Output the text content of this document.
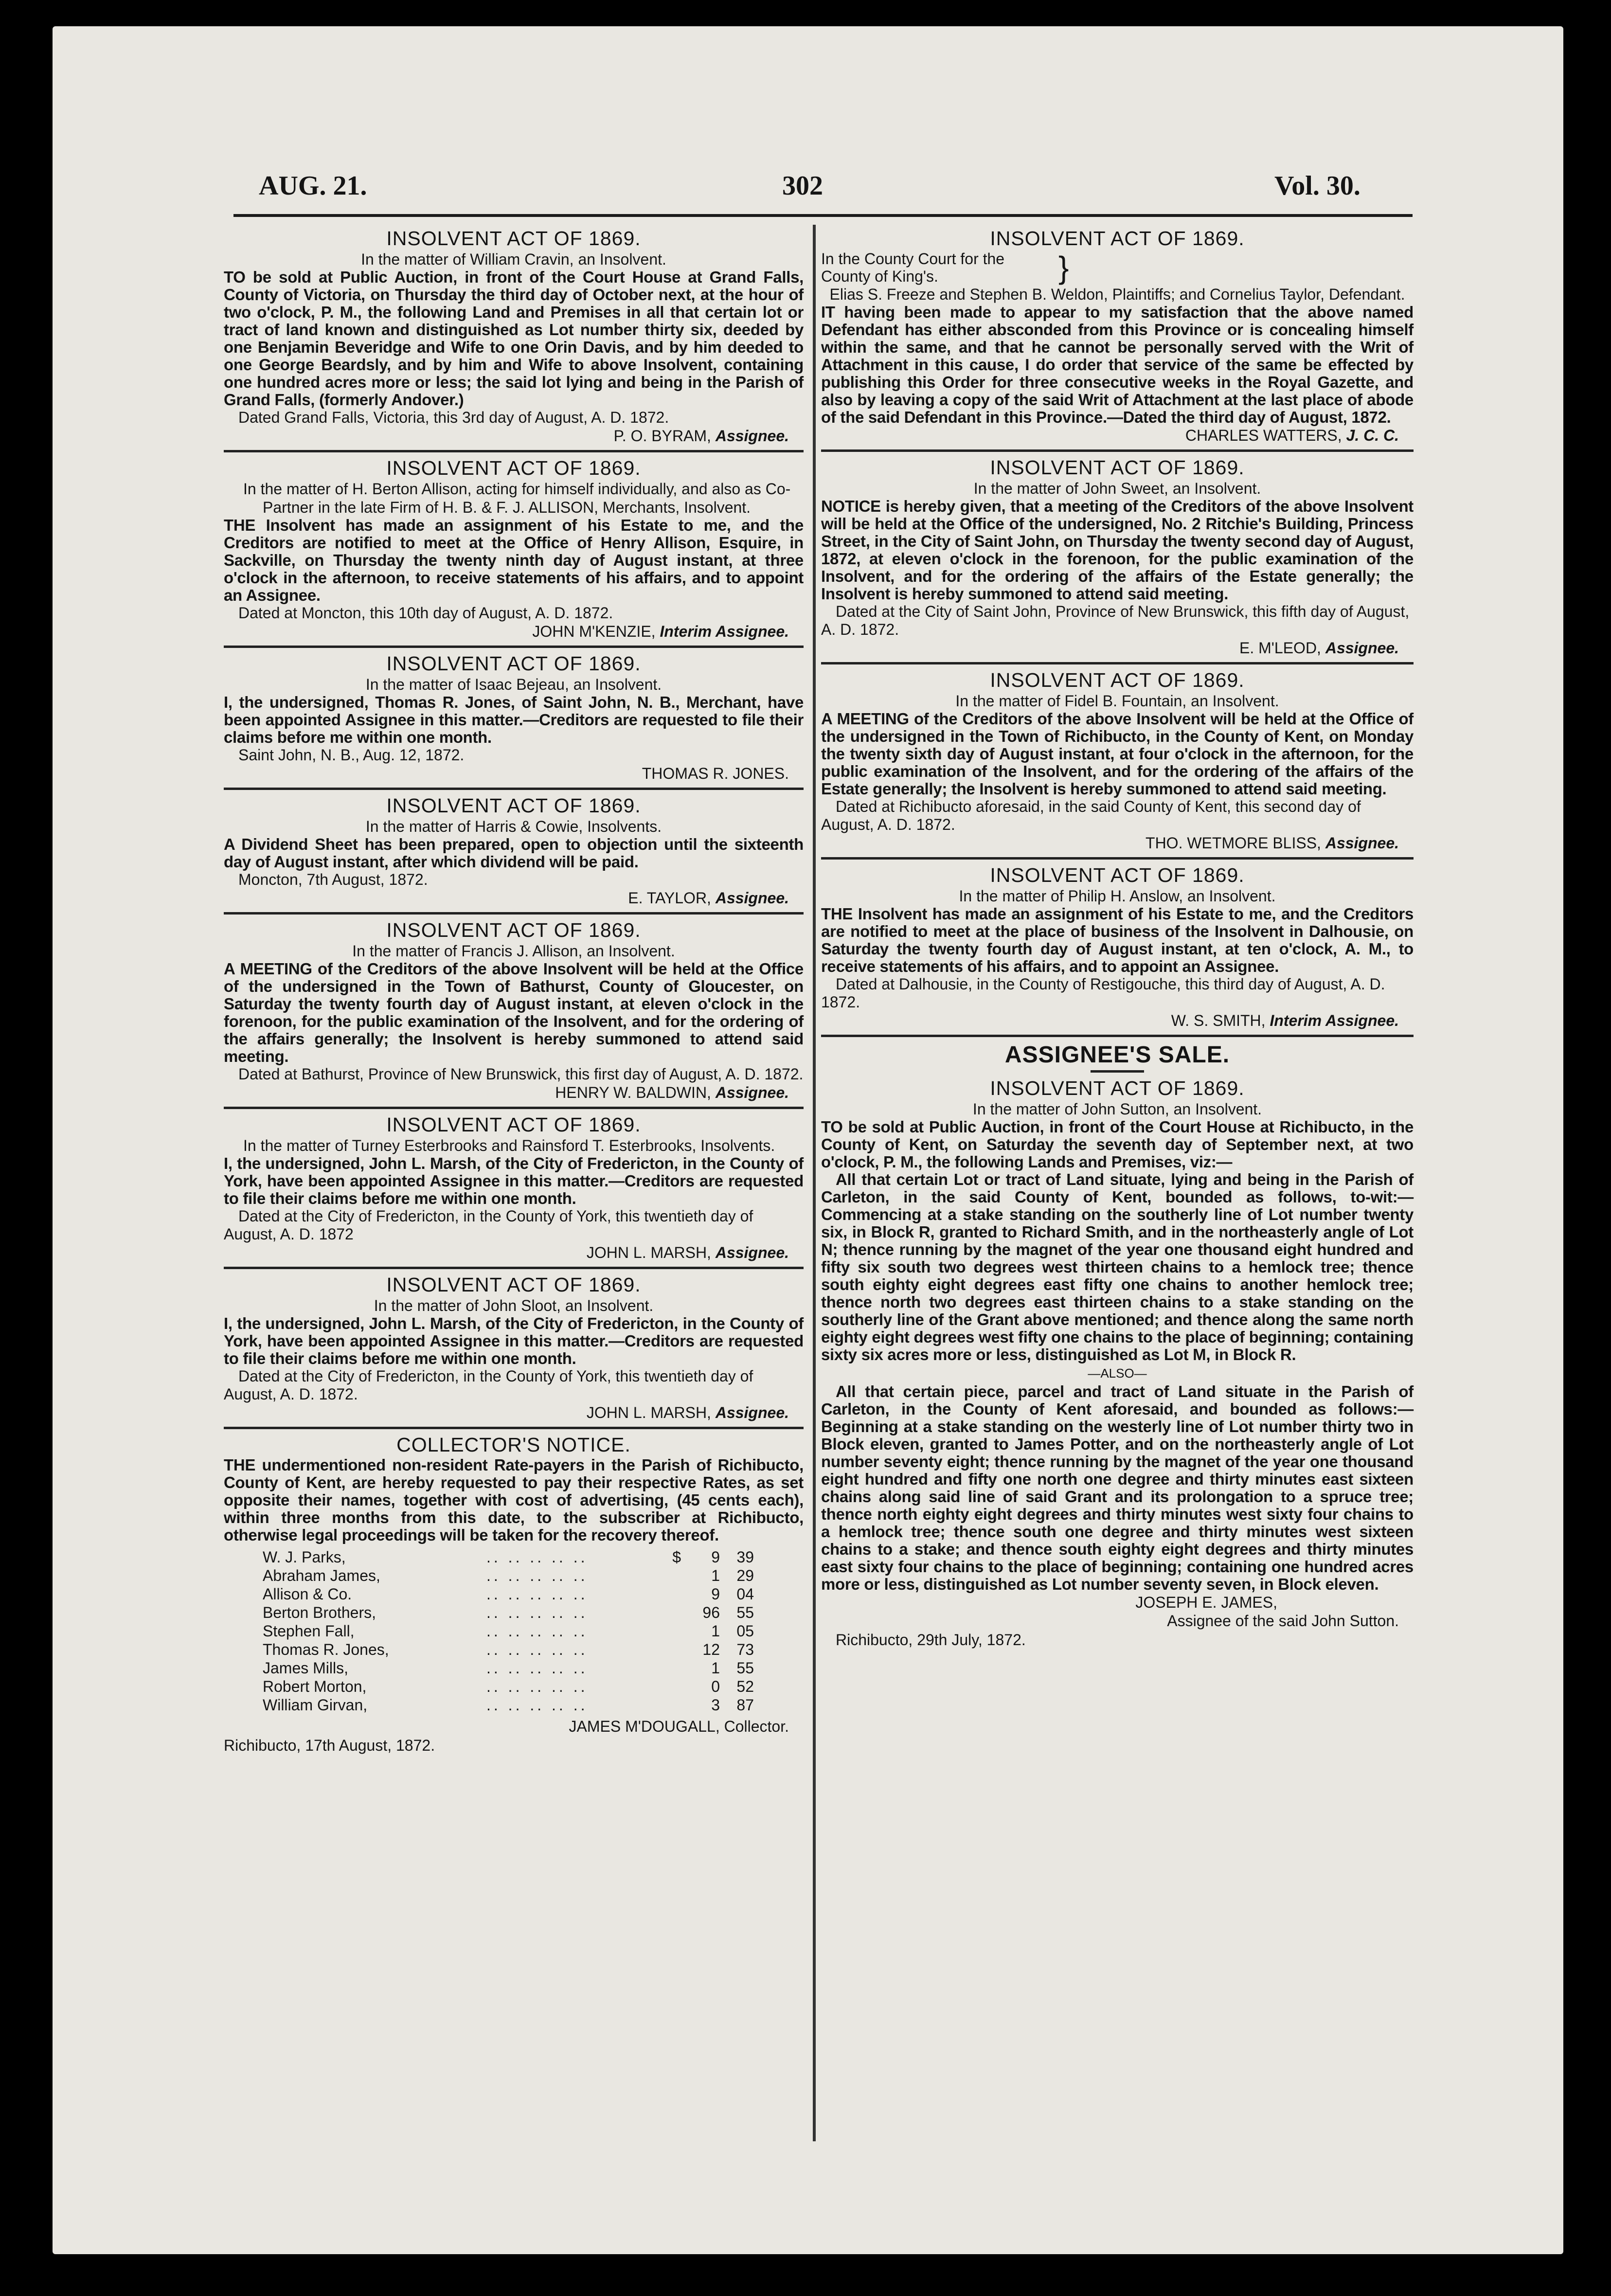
AUG. 21.	302	Vol. 30.
INSOLVENT ACT OF 1869.
In the matter of William Cravin, an Insolvent.
TO be sold at Public Auction, in front of the Court House at Grand Falls, County of Victoria, on Thursday the third day of October next, at the hour of two o'clock, P. M., the following Land and Premises in all that certain lot or tract of land known and distinguished as Lot number thirty six, deeded by one Benjamin Beveridge and Wife to one Orin Davis, and by him deeded to one George Beardsly, and by him and Wife to above Insolvent, containing one hundred acres more or less; the said lot lying and being in the Parish of Grand Falls, (formerly Andover.)
Dated Grand Falls, Victoria, this 3rd day of August, A. D. 1872.
P. O. BYRAM, Assignee.
INSOLVENT ACT OF 1869.
In the matter of H. Berton Allison, acting for himself individually, and also as Co-Partner in the late Firm of H. B. & F. J. ALLISON, Merchants, Insolvent.
THE Insolvent has made an assignment of his Estate to me, and the Creditors are notified to meet at the Office of Henry Allison, Esquire, in Sackville, on Thursday the twenty ninth day of August instant, at three o'clock in the afternoon, to receive statements of his affairs, and to appoint an Assignee.
Dated at Moncton, this 10th day of August, A. D. 1872.
JOHN M'KENZIE, Interim Assignee.
INSOLVENT ACT OF 1869.
In the matter of Isaac Bejeau, an Insolvent.
I, the undersigned, Thomas R. Jones, of Saint John, N. B., Merchant, have been appointed Assignee in this matter.—Creditors are requested to file their claims before me within one month.
Saint John, N. B., Aug. 12, 1872.
THOMAS R. JONES.
INSOLVENT ACT OF 1869.
In the matter of Harris & Cowie, Insolvents.
A Dividend Sheet has been prepared, open to objection until the sixteenth day of August instant, after which dividend will be paid.
Moncton, 7th August, 1872.
E. TAYLOR, Assignee.
INSOLVENT ACT OF 1869.
In the matter of Francis J. Allison, an Insolvent.
A MEETING of the Creditors of the above Insolvent will be held at the Office of the undersigned in the Town of Bathurst, County of Gloucester, on Saturday the twenty fourth day of August instant, at eleven o'clock in the forenoon, for the public examination of the Insolvent, and for the ordering of the affairs generally; the Insolvent is hereby summoned to attend said meeting.
Dated at Bathurst, Province of New Brunswick, this first day of August, A. D. 1872.
HENRY W. BALDWIN, Assignee.
INSOLVENT ACT OF 1869.
In the matter of Turney Esterbrooks and Rainsford T. Esterbrooks, Insolvents.
I, the undersigned, John L. Marsh, of the City of Fredericton, in the County of York, have been appointed Assignee in this matter.—Creditors are requested to file their claims before me within one month.
Dated at the City of Fredericton, in the County of York, this twentieth day of August, A. D. 1872
JOHN L. MARSH, Assignee.
INSOLVENT ACT OF 1869.
In the matter of John Sloot, an Insolvent.
I, the undersigned, John L. Marsh, of the City of Fredericton, in the County of York, have been appointed Assignee in this matter.—Creditors are requested to file their claims before me within one month.
Dated at the City of Fredericton, in the County of York, this twentieth day of August, A. D. 1872.
JOHN L. MARSH, Assignee.
COLLECTOR'S NOTICE.
THE undermentioned non-resident Rate-payers in the Parish of Richibucto, County of Kent, are hereby requested to pay their respective Rates, as set opposite their names, together with cost of advertising, (45 cents each), within three months from this date, to the subscriber at Richibucto, otherwise legal proceedings will be taken for the recovery thereof.
W. J. Parks,	.. .. .. .. ..	$	9	39
Abraham James,	.. .. .. .. ..	1	29
Allison & Co.	.. .. .. .. ..	9	04
Berton Brothers,	.. .. .. .. ..	96	55
Stephen Fall,	.. .. .. .. ..	1	05
Thomas R. Jones,	.. .. .. .. ..	12	73
James Mills,	.. .. .. .. ..	1	55
Robert Morton,	.. .. .. .. ..	0	52
William Girvan,	.. .. .. .. ..	3	87
JAMES M'DOUGALL, Collector.
Richibucto, 17th August, 1872.
INSOLVENT ACT OF 1869.
In the County Court for the County of King's.	}
Elias S. Freeze and Stephen B. Weldon, Plaintiffs; and Cornelius Taylor, Defendant.
IT having been made to appear to my satisfaction that the above named Defendant has either absconded from this Province or is concealing himself within the same, and that he cannot be personally served with the Writ of Attachment in this cause, I do order that service of the same be effected by publishing this Order for three consecutive weeks in the Royal Gazette, and also by leaving a copy of the said Writ of Attachment at the last place of abode of the said Defendant in this Province.—Dated the third day of August, 1872.
CHARLES WATTERS, J. C. C.
INSOLVENT ACT OF 1869.
In the matter of John Sweet, an Insolvent.
NOTICE is hereby given, that a meeting of the Creditors of the above Insolvent will be held at the Office of the undersigned, No. 2 Ritchie's Building, Princess Street, in the City of Saint John, on Thursday the twenty second day of August, 1872, at eleven o'clock in the forenoon, for the public examination of the Insolvent, and for the ordering of the affairs of the Estate generally; the Insolvent is hereby summoned to attend said meeting.
Dated at the City of Saint John, Province of New Brunswick, this fifth day of August, A. D. 1872.
E. M'LEOD, Assignee.
INSOLVENT ACT OF 1869.
In the matter of Fidel B. Fountain, an Insolvent.
A MEETING of the Creditors of the above Insolvent will be held at the Office of the undersigned in the Town of Richibucto, in the County of Kent, on Monday the twenty sixth day of August instant, at four o'clock in the afternoon, for the public examination of the Insolvent, and for the ordering of the affairs of the Estate generally; the Insolvent is hereby summoned to attend said meeting.
Dated at Richibucto aforesaid, in the said County of Kent, this second day of August, A. D. 1872.
THO. WETMORE BLISS, Assignee.
INSOLVENT ACT OF 1869.
In the matter of Philip H. Anslow, an Insolvent.
THE Insolvent has made an assignment of his Estate to me, and the Creditors are notified to meet at the place of business of the Insolvent in Dalhousie, on Saturday the twenty fourth day of August instant, at ten o'clock, A. M., to receive statements of his affairs, and to appoint an Assignee.
Dated at Dalhousie, in the County of Restigouche, this third day of August, A. D. 1872.
W. S. SMITH, Interim Assignee.
ASSIGNEE'S SALE.
INSOLVENT ACT OF 1869.
In the matter of John Sutton, an Insolvent.
TO be sold at Public Auction, in front of the Court House at Richibucto, in the County of Kent, on Saturday the seventh day of September next, at two o'clock, P. M., the following Lands and Premises, viz:—
All that certain Lot or tract of Land situate, lying and being in the Parish of Carleton, in the said County of Kent, bounded as follows, to-wit:—Commencing at a stake standing on the southerly line of Lot number twenty six, in Block R, granted to Richard Smith, and in the northeasterly angle of Lot N; thence running by the magnet of the year one thousand eight hundred and fifty six south two degrees west thirteen chains to a hemlock tree; thence south eighty eight degrees east fifty one chains to another hemlock tree; thence north two degrees east thirteen chains to a stake standing on the southerly line of the Grant above mentioned; and thence along the same north eighty eight degrees west fifty one chains to the place of beginning; containing sixty six acres more or less, distinguished as Lot M, in Block R.
—ALSO—
All that certain piece, parcel and tract of Land situate in the Parish of Carleton, in the County of Kent aforesaid, and bounded as follows:—Beginning at a stake standing on the westerly line of Lot number thirty two in Block eleven, granted to James Potter, and on the northeasterly angle of Lot number seventy eight; thence running by the magnet of the year one thousand eight hundred and fifty one north one degree and thirty minutes east sixteen chains along said line of said Grant and its prolongation to a spruce tree; thence north eighty eight degrees and thirty minutes west sixty four chains to a hemlock tree; thence south one degree and thirty minutes west sixteen chains to a stake; and thence south eighty eight degrees and thirty minutes east sixty four chains to the place of beginning; containing one hundred acres more or less, distinguished as Lot number seventy seven, in Block eleven.
JOSEPH E. JAMES,
Assignee of the said John Sutton.
Richibucto, 29th July, 1872.
